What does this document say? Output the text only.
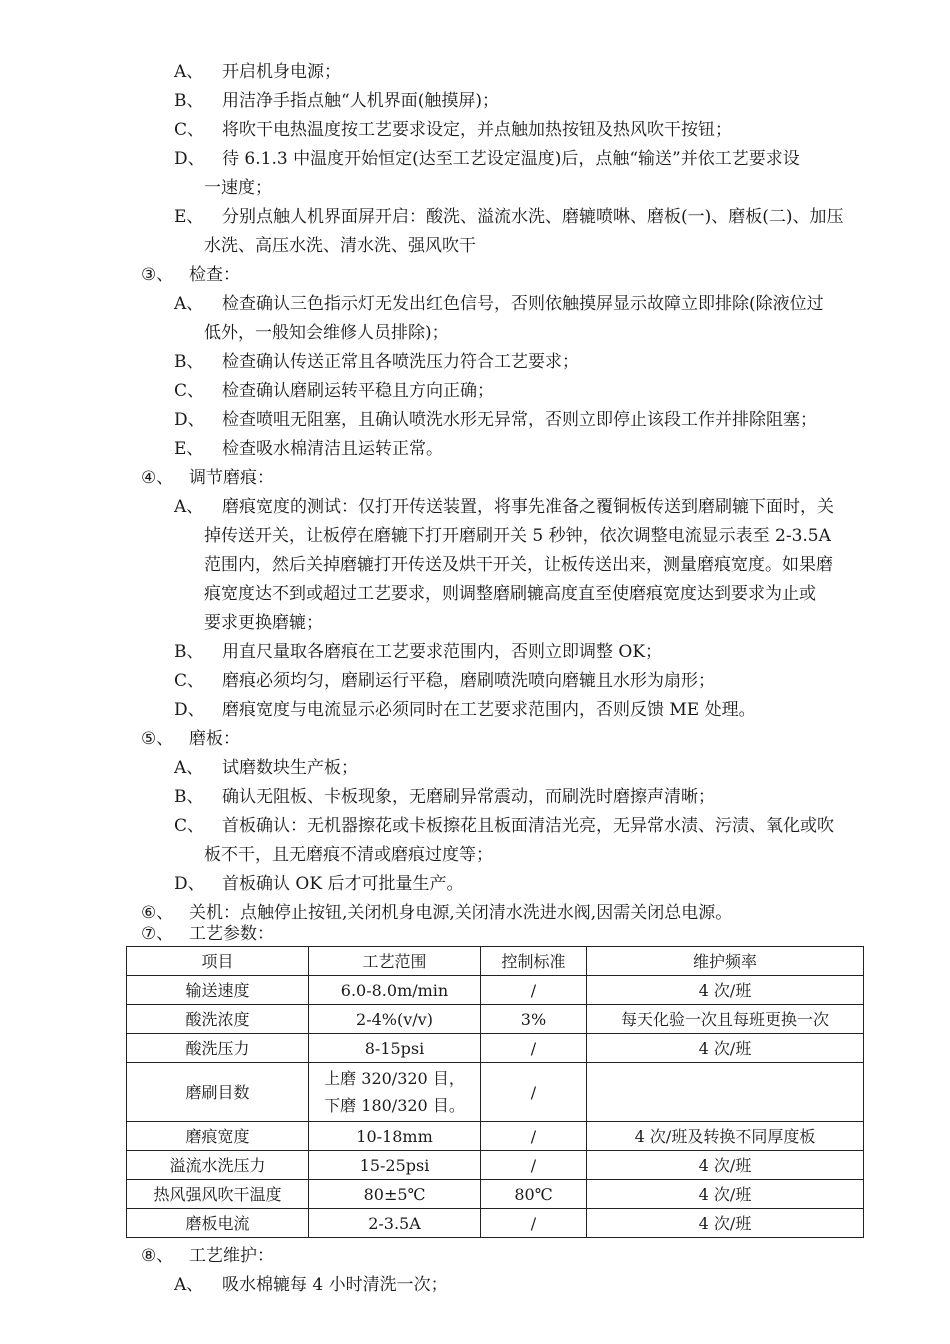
A、 开启机身电源；
B、 用洁净手指点触“人机界面(触摸屏)；
C、 将吹干电热温度按工艺要求设定，并点触加热按钮及热风吹干按钮；
D、 待 6.1.3 中温度开始恒定(达至工艺设定温度)后，点触“输送”并依工艺要求设
一速度；
E、 分别点触人机界面屏开启：酸洗、溢流水洗、磨辘喷啉、磨板(一)、磨板(二)、加压
水洗、高压水洗、清水洗、强风吹干
③、 检查：
A、 检查确认三色指示灯无发出红色信号，否则依触摸屏显示故障立即排除(除液位过
低外，一般知会维修人员排除)；
B、 检查确认传送正常且各喷洗压力符合工艺要求；
C、 检查确认磨刷运转平稳且方向正确；
D、 检查喷咀无阻塞，且确认喷洗水形无异常，否则立即停止该段工作并排除阻塞；
E、 检查吸水棉清洁且运转正常。
④、 调节磨痕：
A、 磨痕宽度的测试：仅打开传送装置，将事先准备之覆铜板传送到磨刷辘下面时，关
掉传送开关，让板停在磨辘下打开磨刷开关 5 秒钟，依次调整电流显示表至 2-3.5A
范围内，然后关掉磨辘打开传送及烘干开关，让板传送出来，测量磨痕宽度。如果磨
痕宽度达不到或超过工艺要求，则调整磨刷辘高度直至使磨痕宽度达到要求为止或
要求更换磨辘；
B、 用直尺量取各磨痕在工艺要求范围内，否则立即调整 OK；
C、 磨痕必须均匀，磨刷运行平稳，磨刷喷洗喷向磨辘且水形为扇形；
D、 磨痕宽度与电流显示必须同时在工艺要求范围内，否则反馈 ME 处理。
⑤、 磨板：
A、 试磨数块生产板；
B、 确认无阻板、卡板现象，无磨刷异常震动，而刷洗时磨擦声清晰；
C、 首板确认：无机器擦花或卡板擦花且板面清洁光亮，无异常水渍、污渍、氧化或吹
板不干，且无磨痕不清或磨痕过度等；
D、 首板确认 OK 后才可批量生产。
⑥、 关机：点触停止按钮,关闭机身电源,关闭清水洗进水阀,因需关闭总电源。
⑦、 工艺参数：
项目	工艺范围	控制标准	维护频率
输送速度	6.0-8.0m/min	/	4 次/班
酸洗浓度	2-4%(v/v)	3%	每天化验一次且每班更换一次
酸洗压力	8-15psi	/	4 次/班
磨刷目数	上磨 320/320 目，
下磨 180/320 目。	/	
磨痕宽度	10-18mm	/	4 次/班及转换不同厚度板
溢流水洗压力	15-25psi	/	4 次/班
热风强风吹干温度	80±5℃	80℃	4 次/班
磨板电流	2-3.5A	/	4 次/班
⑧、 工艺维护：
A、 吸水棉辘每 4 小时清洗一次；
